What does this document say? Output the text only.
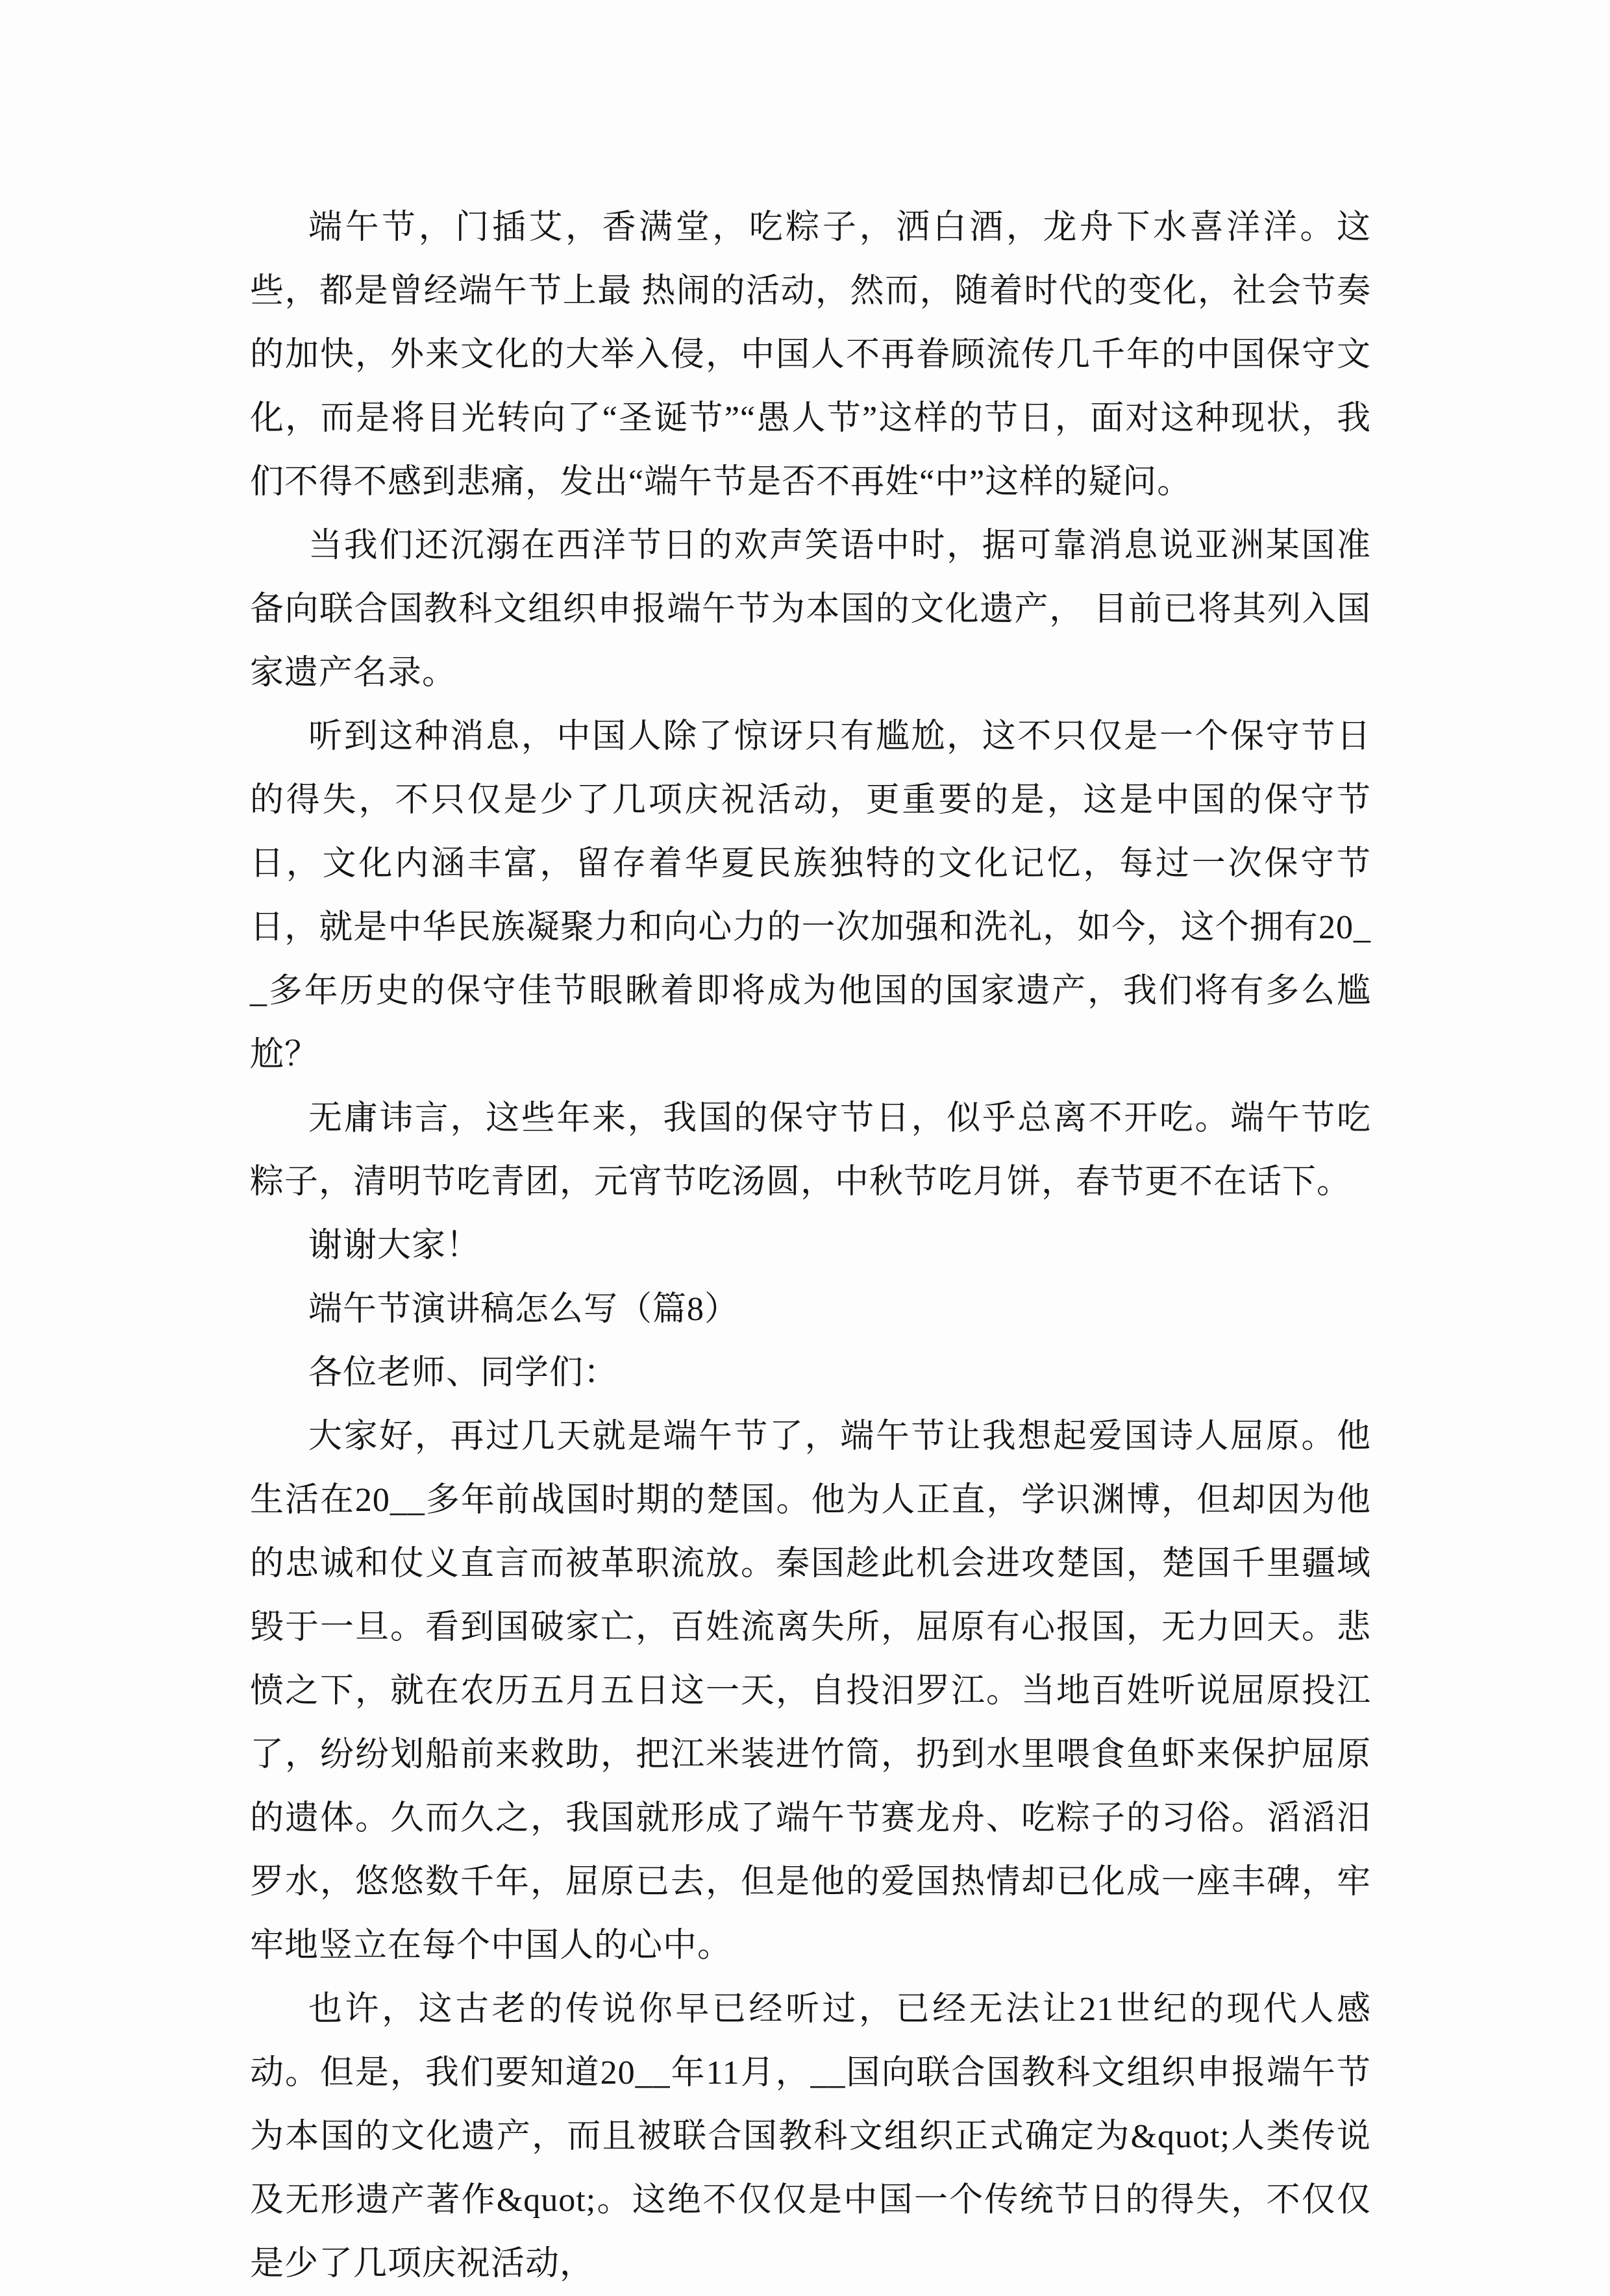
端午节，门插艾，香满堂，吃粽子，洒白酒，龙舟下水喜洋洋。这些，都是曾经端午节上最 热闹的活动，然而，随着时代的变化，社会节奏的加快，外来文化的大举入侵，中国人不再眷顾流传几千年的中国保守文化，而是将目光转向了“圣诞节”“愚人节”这样的节日，面对这种现状，我们不得不感到悲痛，发出“端午节是否不再姓“中”这样的疑问。

当我们还沉溺在西洋节日的欢声笑语中时，据可靠消息说亚洲某国准备向联合国教科文组织申报端午节为本国的文化遗产， 目前已将其列入国家遗产名录。

听到这种消息，中国人除了惊讶只有尴尬，这不只仅是一个保守节日的得失，不只仅是少了几项庆祝活动，更重要的是，这是中国的保守节日，文化内涵丰富，留存着华夏民族独特的文化记忆，每过一次保守节日，就是中华民族凝聚力和向心力的一次加强和洗礼，如今，这个拥有20__多年历史的保守佳节眼瞅着即将成为他国的国家遗产，我们将有多么尴尬？

无庸讳言，这些年来，我国的保守节日，似乎总离不开吃。端午节吃粽子，清明节吃青团，元宵节吃汤圆，中秋节吃月饼，春节更不在话下。

谢谢大家！

端午节演讲稿怎么写（篇8）

各位老师、同学们：

大家好，再过几天就是端午节了，端午节让我想起爱国诗人屈原。他生活在20__多年前战国时期的楚国。他为人正直，学识渊博，但却因为他的忠诚和仗义直言而被革职流放。秦国趁此机会进攻楚国，楚国千里疆域毁于一旦。看到国破家亡，百姓流离失所，屈原有心报国，无力回天。悲愤之下，就在农历五月五日这一天，自投汨罗江。当地百姓听说屈原投江了，纷纷划船前来救助，把江米装进竹筒，扔到水里喂食鱼虾来保护屈原的遗体。久而久之，我国就形成了端午节赛龙舟、吃粽子的习俗。滔滔汨罗水，悠悠数千年，屈原已去，但是他的爱国热情却已化成一座丰碑，牢牢地竖立在每个中国人的心中。

也许，这古老的传说你早已经听过，已经无法让21世纪的现代人感动。但是，我们要知道20__年11月，__国向联合国教科文组织申报端午节为本国的文化遗产，而且被联合国教科文组织正式确定为&quot;人类传说及无形遗产著作&quot;。这绝不仅仅是中国一个传统节日的得失，不仅仅是少了几项庆祝活动，
